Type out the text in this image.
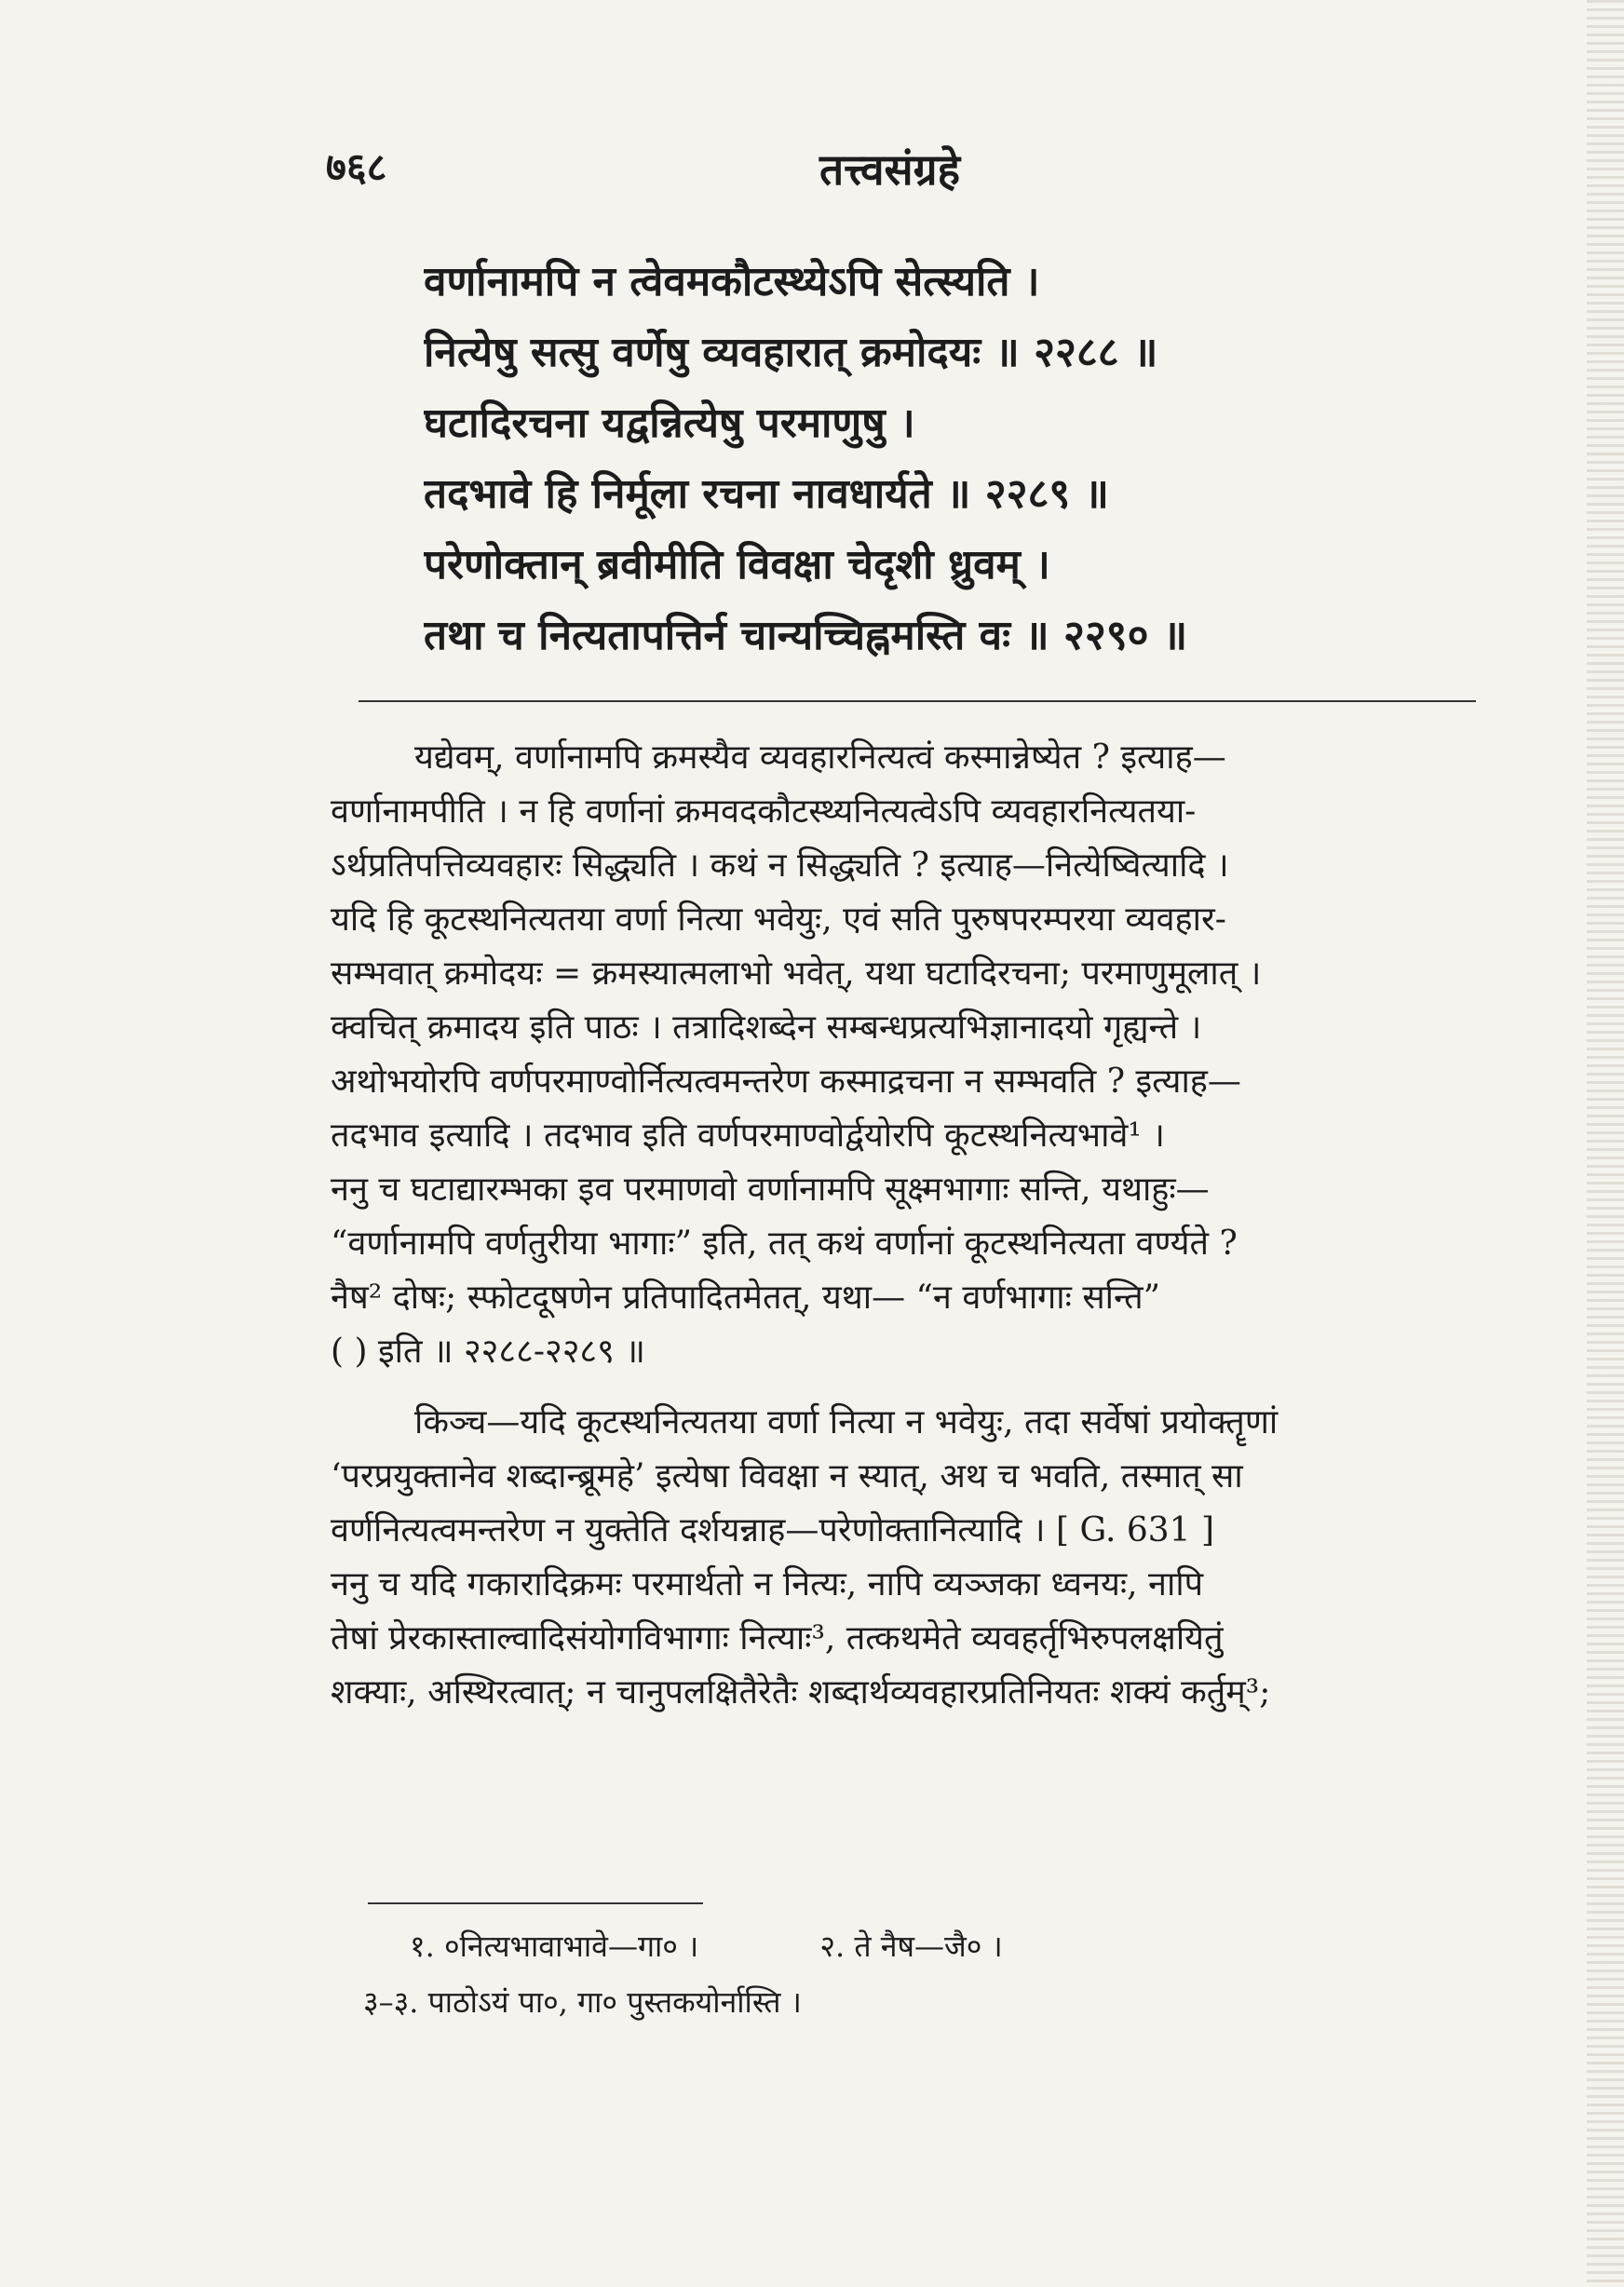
७६८	तत्त्वसंग्रहे
वर्णानामपि न त्वेवमकौटस्थ्येऽपि सेत्स्यति ।
नित्येषु सत्सु वर्णेषु व्यवहारात् क्रमोदयः ॥ २२८८ ॥
घटादिरचना यद्वन्नित्येषु परमाणुषु ।
तदभावे हि निर्मूला रचना नावधार्यते ॥ २२८९ ॥
परेणोक्तान् ब्रवीमीति विवक्षा चेदृशी ध्रुवम् ।
तथा च नित्यतापत्तिर्न चान्यच्चिह्नमस्ति वः ॥ २२९० ॥
यद्येवम्, वर्णानामपि क्रमस्यैव व्यवहारनित्यत्वं कस्मान्नेष्येत ? इत्याह—
वर्णानामपीति । न हि वर्णानां क्रमवदकौटस्थ्यनित्यत्वेऽपि व्यवहारनित्यतया-
ऽर्थप्रतिपत्तिव्यवहारः सिद्ध्यति । कथं न सिद्ध्यति ? इत्याह—नित्येष्वित्यादि ।
यदि हि कूटस्थनित्यतया वर्णा नित्या भवेयुः, एवं सति पुरुषपरम्परया व्यवहार-
सम्भवात् क्रमोदयः = क्रमस्यात्मलाभो भवेत्, यथा घटादिरचना; परमाणुमूलात् ।
क्वचित् क्रमादय इति पाठः । तत्रादिशब्देन सम्बन्धप्रत्यभिज्ञानादयो गृह्यन्ते ।
अथोभयोरपि वर्णपरमाण्वोर्नित्यत्वमन्तरेण कस्माद्रचना न सम्भवति ? इत्याह—
तदभाव इत्यादि । तदभाव इति वर्णपरमाण्वोर्द्वयोरपि कूटस्थनित्यभावे¹ ।
ननु च घटाद्यारम्भका इव परमाणवो वर्णानामपि सूक्ष्मभागाः सन्ति, यथाहुः—
“वर्णानामपि वर्णतुरीया भागाः” इति, तत् कथं वर्णानां कूटस्थनित्यता वर्ण्यते ?
नैष² दोषः; स्फोटदूषणेन प्रतिपादितमेतत्, यथा— “न वर्णभागाः सन्ति”
( ) इति ॥ २२८८-२२८९ ॥
किञ्च—यदि कूटस्थनित्यतया वर्णा नित्या न भवेयुः, तदा सर्वेषां प्रयोक्तॄणां
‘परप्रयुक्तानेव शब्दान्ब्रूमहे’ इत्येषा विवक्षा न स्यात्, अथ च भवति, तस्मात् सा
वर्णनित्यत्वमन्तरेण न युक्तेति दर्शयन्नाह—परेणोक्तानित्यादि । [ G. 631 ]
ननु च यदि गकारादिक्रमः परमार्थतो न नित्यः, नापि व्यञ्जका ध्वनयः, नापि
तेषां प्रेरकास्ताल्वादिसंयोगविभागाः नित्याः³, तत्कथमेते व्यवहर्तृभिरुपलक्षयितुं
शक्याः, अस्थिरत्वात्; न चानुपलक्षितैरेतैः शब्दार्थव्यवहारप्रतिनियतः शक्यं कर्तुम्³;
१. ०नित्यभावाभावे—गा० ।	२. ते नैष—जै० ।
३–३. पाठोऽयं पा०, गा० पुस्तकयोर्नास्ति ।
